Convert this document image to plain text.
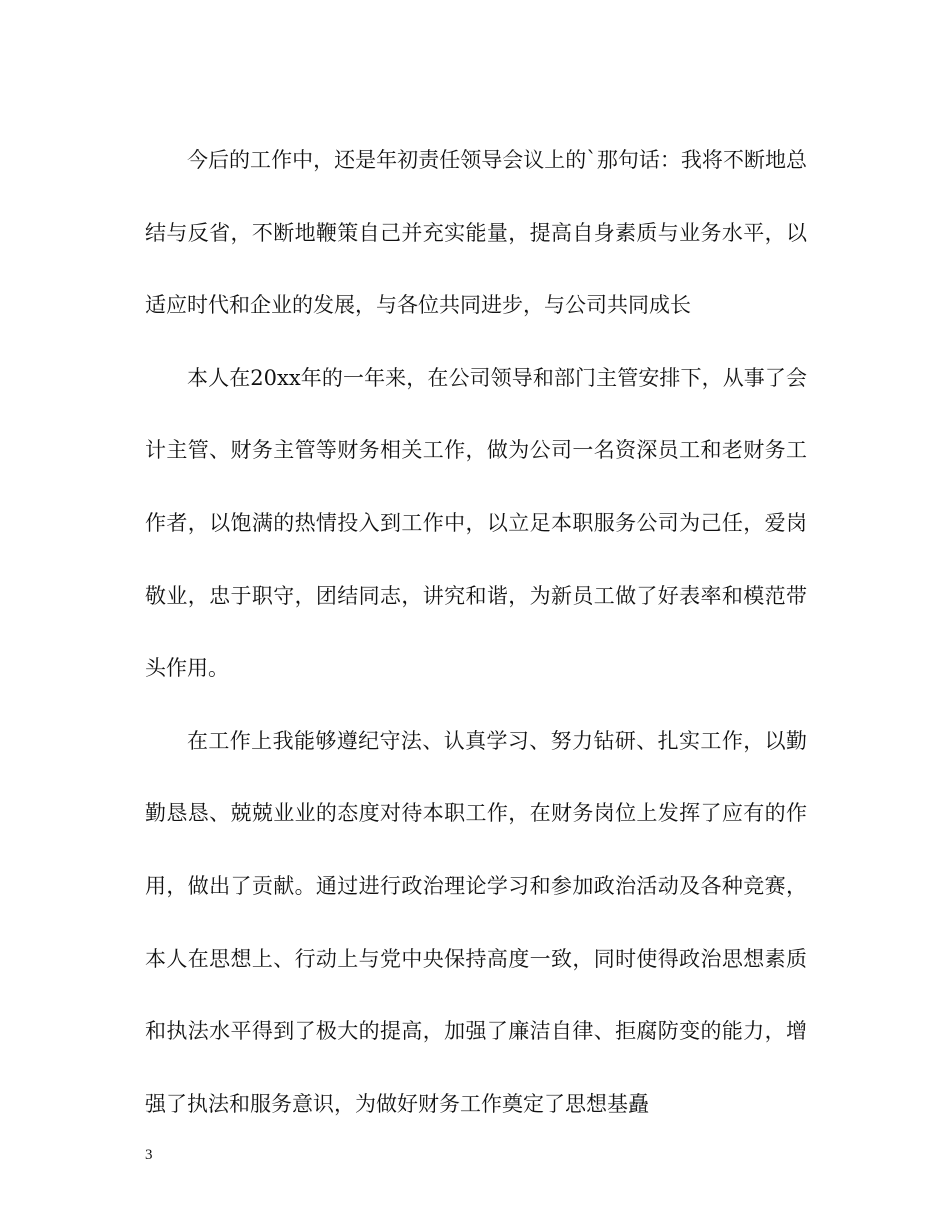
今后的工作中，还是年初责任领导会议上的`那句话：我将不断地总结与反省，不断地鞭策自己并充实能量，提高自身素质与业务水平，以适应时代和企业的发展，与各位共同进步，与公司共同成长

本人在20xx年的一年来，在公司领导和部门主管安排下，从事了会计主管、财务主管等财务相关工作，做为公司一名资深员工和老财务工作者，以饱满的热情投入到工作中，以立足本职服务公司为己任，爱岗敬业，忠于职守，团结同志，讲究和谐，为新员工做了好表率和模范带头作用。

在工作上我能够遵纪守法、认真学习、努力钻研、扎实工作，以勤勤恳恳、兢兢业业的态度对待本职工作，在财务岗位上发挥了应有的作用，做出了贡献。通过进行政治理论学习和参加政治活动及各种竞赛，本人在思想上、行动上与党中央保持高度一致，同时使得政治思想素质和执法水平得到了极大的提高，加强了廉洁自律、拒腐防变的能力，增强了执法和服务意识，为做好财务工作奠定了思想基矗

3
